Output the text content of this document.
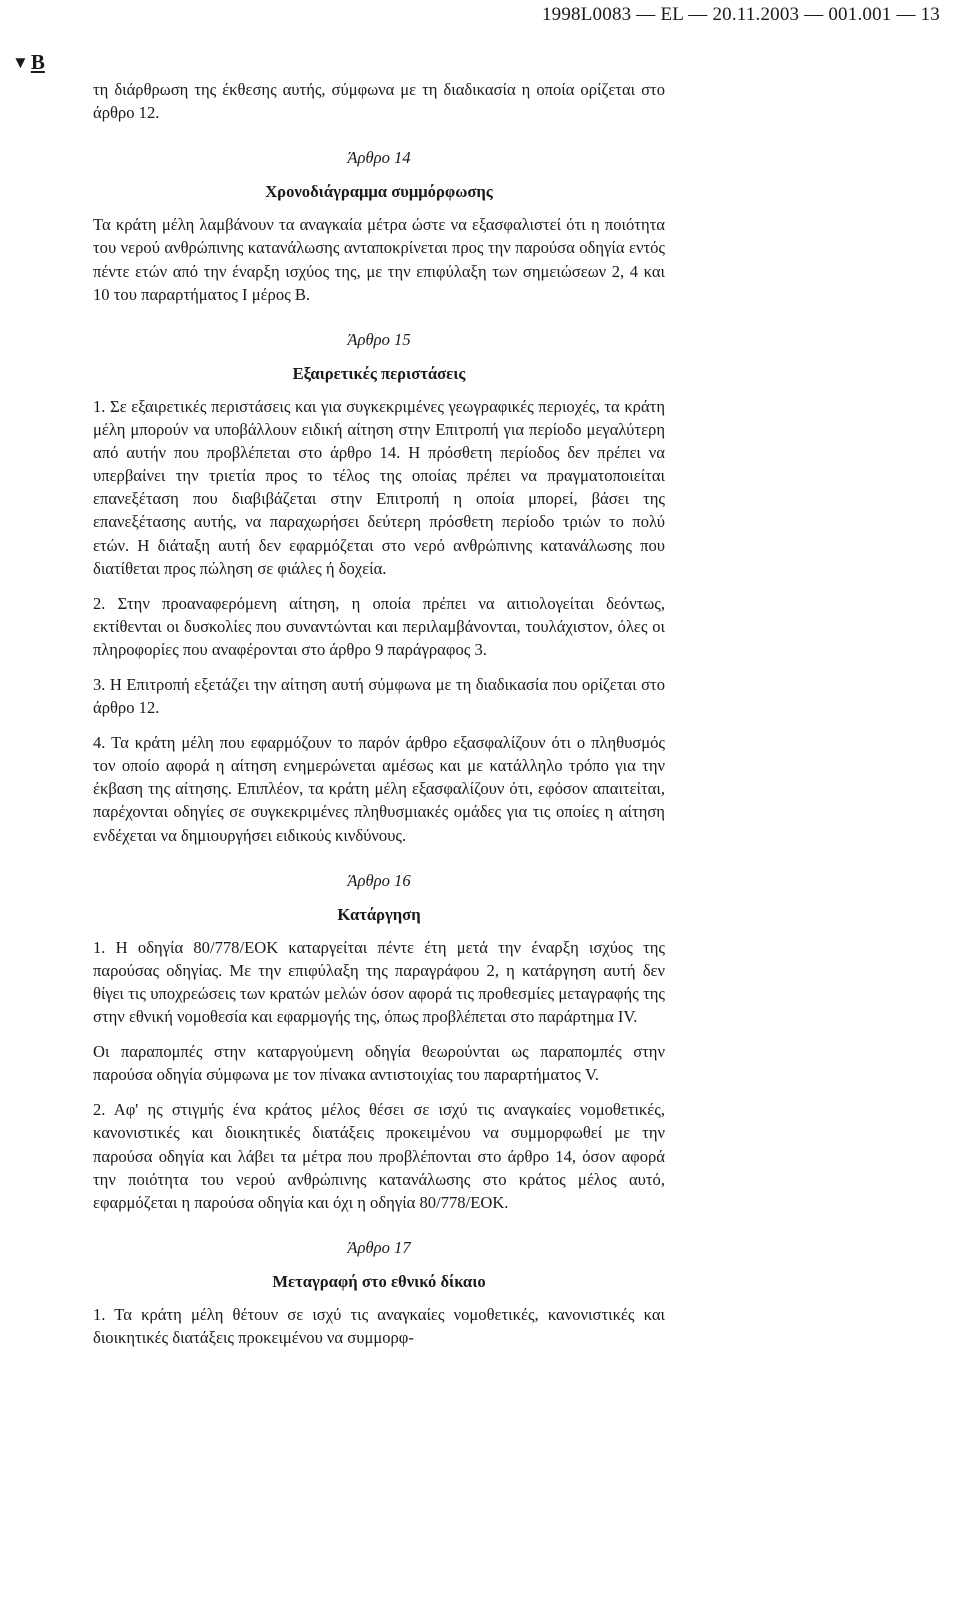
1998L0083 — EL — 20.11.2003 — 001.001 — 13
▼ B

τη διάρθρωση της έκθεσης αυτής, σύμφωνα με τη διαδικασία η οποία ορίζεται στο άρθρο 12.

Άρθρο 14

Χρονοδιάγραμμα συμμόρφωσης

Τα κράτη μέλη λαμβάνουν τα αναγκαία μέτρα ώστε να εξασφαλιστεί ότι η ποιότητα του νερού ανθρώπινης κατανάλωσης ανταποκρίνεται προς την παρούσα οδηγία εντός πέντε ετών από την έναρξη ισχύος της, με την επιφύλαξη των σημειώσεων 2, 4 και 10 του παραρτήματος Ι μέρος Β.

Άρθρο 15

Εξαιρετικές περιστάσεις

1. Σε εξαιρετικές περιστάσεις και για συγκεκριμένες γεωγραφικές περιοχές, τα κράτη μέλη μπορούν να υποβάλλουν ειδική αίτηση στην Επιτροπή για περίοδο μεγαλύτερη από αυτήν που προβλέπεται στο άρθρο 14. Η πρόσθετη περίοδος δεν πρέπει να υπερβαίνει την τριετία προς το τέλος της οποίας πρέπει να πραγματοποιείται επανεξέταση που διαβιβάζεται στην Επιτροπή η οποία μπορεί, βάσει της επανεξέτασης αυτής, να παραχωρήσει δεύτερη πρόσθετη περίοδο τριών το πολύ ετών. Η διάταξη αυτή δεν εφαρμόζεται στο νερό ανθρώπινης κατανάλωσης που διατίθεται προς πώληση σε φιάλες ή δοχεία.

2. Στην προαναφερόμενη αίτηση, η οποία πρέπει να αιτιολογείται δεόντως, εκτίθενται οι δυσκολίες που συναντώνται και περιλαμβάνονται, τουλάχιστον, όλες οι πληροφορίες που αναφέρονται στο άρθρο 9 παράγραφος 3.

3. Η Επιτροπή εξετάζει την αίτηση αυτή σύμφωνα με τη διαδικασία που ορίζεται στο άρθρο 12.

4. Τα κράτη μέλη που εφαρμόζουν το παρόν άρθρο εξασφαλίζουν ότι ο πληθυσμός τον οποίο αφορά η αίτηση ενημερώνεται αμέσως και με κατάλληλο τρόπο για την έκβαση της αίτησης. Επιπλέον, τα κράτη μέλη εξασφαλίζουν ότι, εφόσον απαιτείται, παρέχονται οδηγίες σε συγκεκριμένες πληθυσμιακές ομάδες για τις οποίες η αίτηση ενδέχεται να δημιουργήσει ειδικούς κινδύνους.

Άρθρο 16

Κατάργηση

1. Η οδηγία 80/778/ΕΟΚ καταργείται πέντε έτη μετά την έναρξη ισχύος της παρούσας οδηγίας. Με την επιφύλαξη της παραγράφου 2, η κατάργηση αυτή δεν θίγει τις υποχρεώσεις των κρατών μελών όσον αφορά τις προθεσμίες μεταγραφής της στην εθνική νομοθεσία και εφαρμογής της, όπως προβλέπεται στο παράρτημα IV.

Οι παραπομπές στην καταργούμενη οδηγία θεωρούνται ως παραπομπές στην παρούσα οδηγία σύμφωνα με τον πίνακα αντιστοιχίας του παραρτήματος V.

2. Αφ' ης στιγμής ένα κράτος μέλος θέσει σε ισχύ τις αναγκαίες νομοθετικές, κανονιστικές και διοικητικές διατάξεις προκειμένου να συμμορφωθεί με την παρούσα οδηγία και λάβει τα μέτρα που προβλέπονται στο άρθρο 14, όσον αφορά την ποιότητα του νερού ανθρώπινης κατανάλωσης στο κράτος μέλος αυτό, εφαρμόζεται η παρούσα οδηγία και όχι η οδηγία 80/778/ΕΟΚ.

Άρθρο 17

Μεταγραφή στο εθνικό δίκαιο

1. Τα κράτη μέλη θέτουν σε ισχύ τις αναγκαίες νομοθετικές, κανονιστικές και διοικητικές διατάξεις προκειμένου να συμμορφ-
